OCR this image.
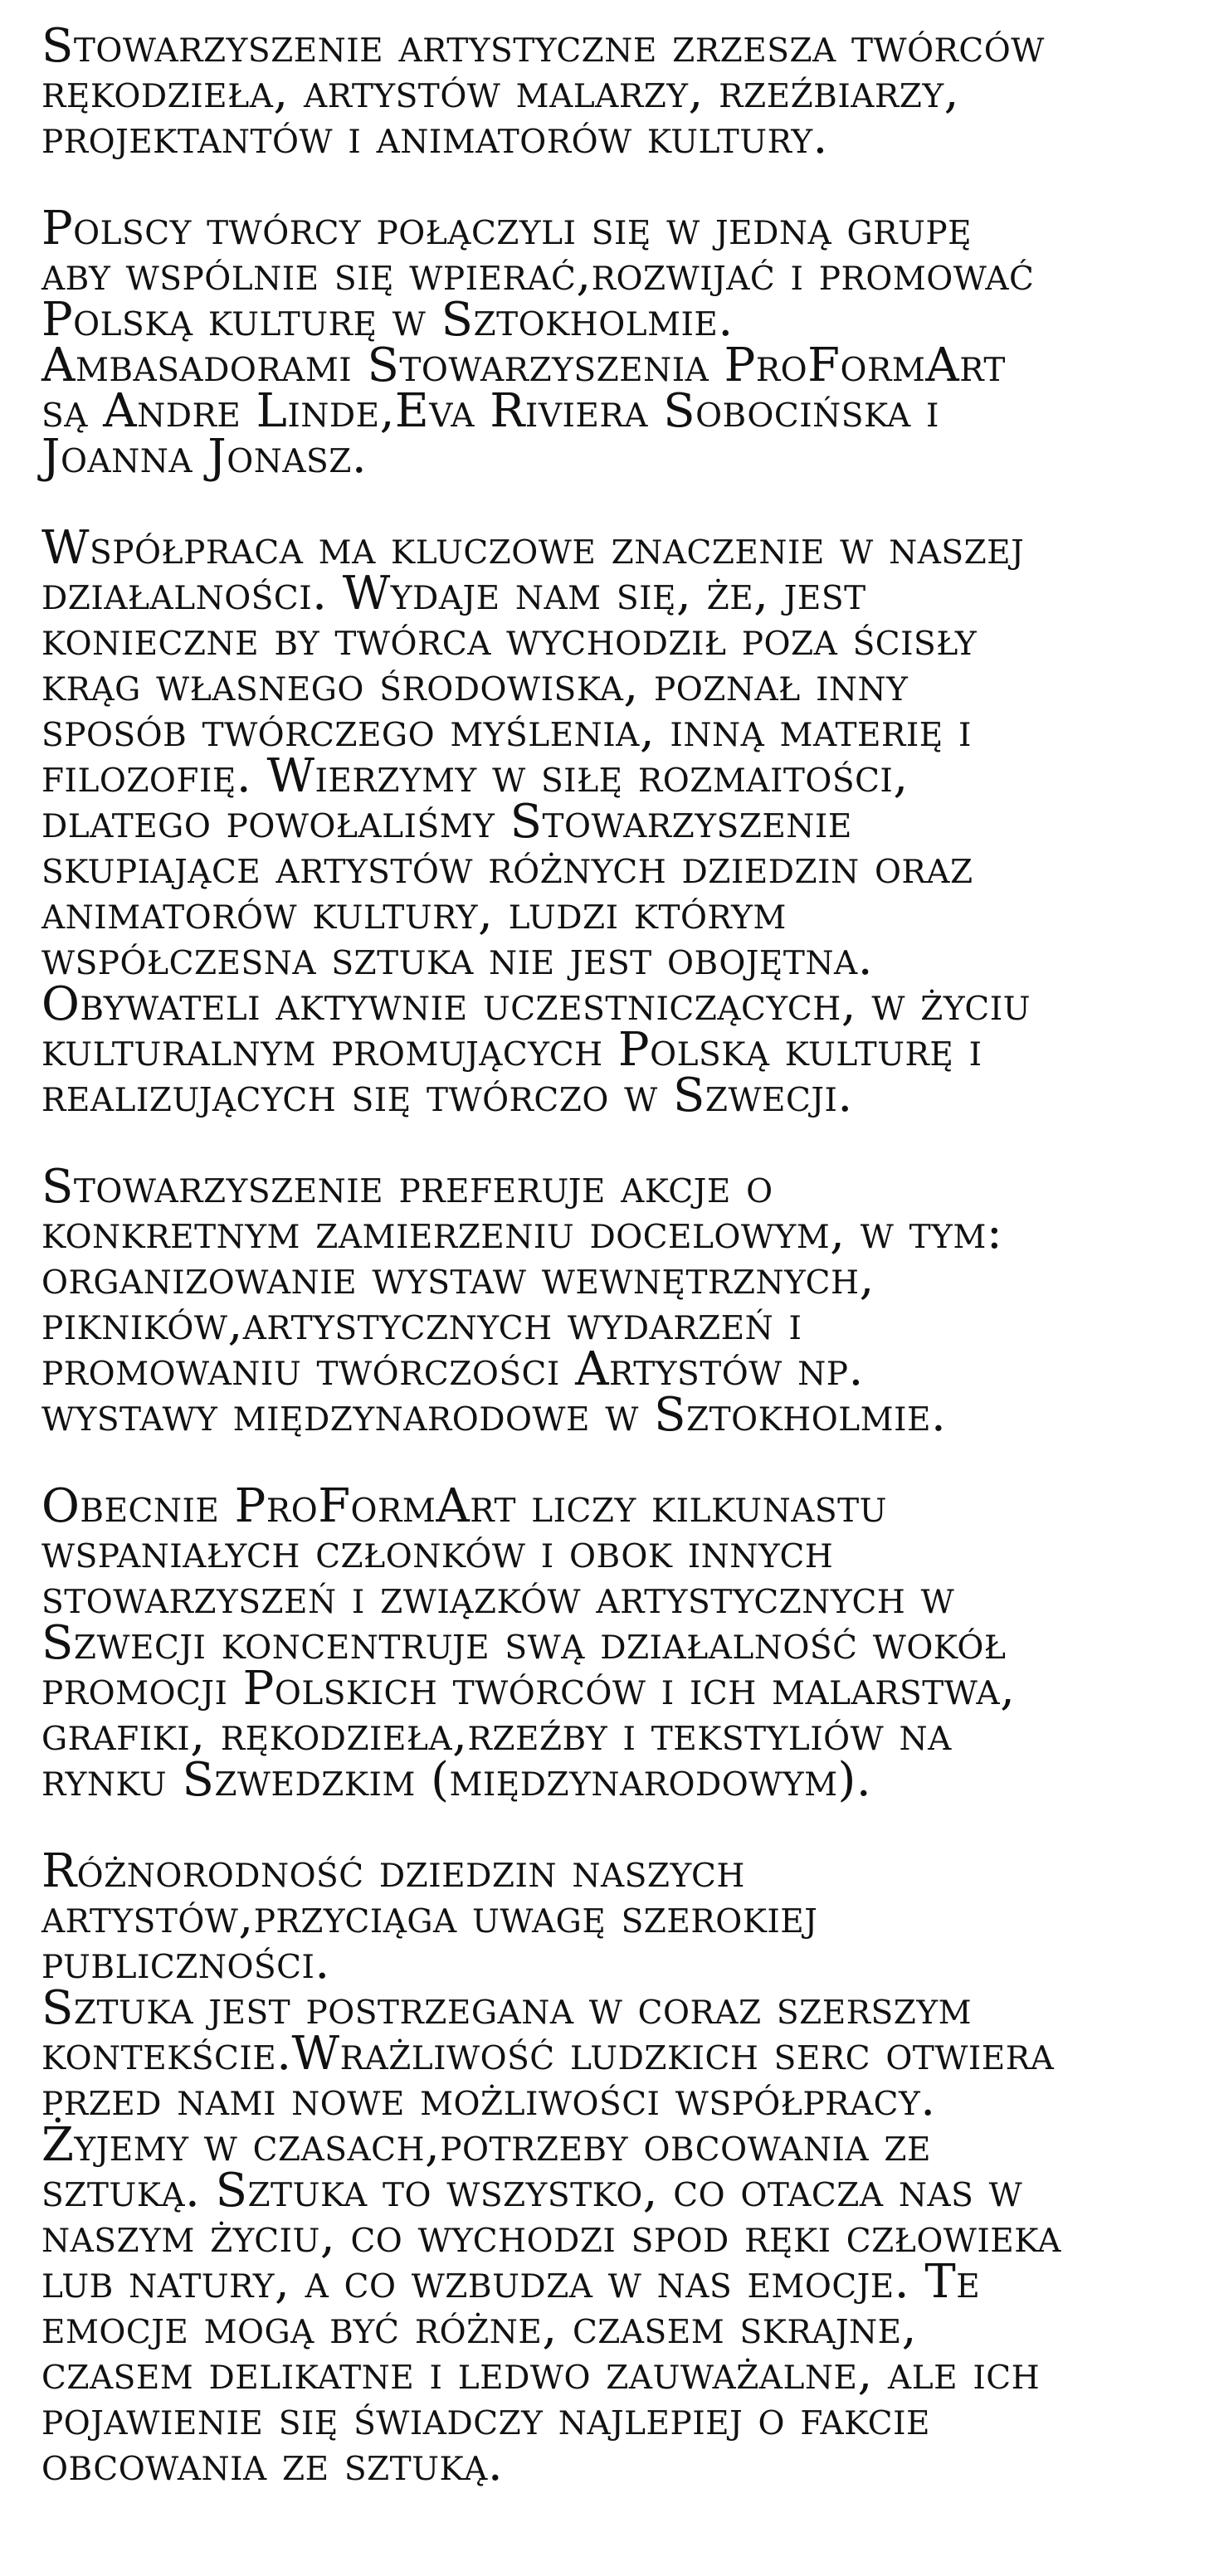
Stowarzyszenie artystyczne zrzesza twórców
rękodzieła, artystów malarzy, rzeźbiarzy,
projektantów i animatorów kultury.

Polscy twórcy połączyli się w jedną grupę
aby wspólnie się wpierać,rozwijać i promować
Polską kulturę w Sztokholmie.
Ambasadorami Stowarzyszenia ProFormArt
są Andre Linde,Eva Riviera Sobocińska i
Joanna Jonasz.

Współpraca ma kluczowe znaczenie w naszej
działalności. Wydaje nam się, że, jest
konieczne by twórca wychodził poza ścisły
krąg własnego środowiska, poznał inny
sposób twórczego myślenia, inną materię i
filozofię. Wierzymy w siłę rozmaitości,
dlatego powołaliśmy Stowarzyszenie
skupiające artystów różnych dziedzin oraz
animatorów kultury, ludzi którym
współczesna sztuka nie jest obojętna.
Obywateli aktywnie uczestniczących, w życiu
kulturalnym promujących Polską kulturę i
realizujących się twórczo w Szwecji.

Stowarzyszenie preferuje akcje o
konkretnym zamierzeniu docelowym, w tym:
organizowanie wystaw wewnętrznych,
pikników,artystycznych wydarzeń i
promowaniu twórczości Artystów np.
wystawy międzynarodowe w Sztokholmie.

Obecnie ProFormArt liczy kilkunastu
wspaniałych członków i obok innych
stowarzyszeń i związków artystycznych w
Szwecji koncentruje swą działalność wokół
promocji Polskich twórców i ich malarstwa,
grafiki, rękodzieła,rzeźby i tekstyliów na
rynku Szwedzkim (międzynarodowym).

Różnorodność dziedzin naszych
artystów,przyciąga uwagę szerokiej
publiczności.
Sztuka jest postrzegana w coraz szerszym
kontekście.Wrażliwość ludzkich serc otwiera
przed nami nowe możliwości współpracy.
Żyjemy w czasach,potrzeby obcowania ze
sztuką. Sztuka to wszystko, co otacza nas w
naszym życiu, co wychodzi spod ręki człowieka
lub natury, a co wzbudza w nas emocje. Te
emocje mogą być różne, czasem skrajne,
czasem delikatne i ledwo zauważalne, ale ich
pojawienie się świadczy najlepiej o fakcie
obcowania ze sztuką.
